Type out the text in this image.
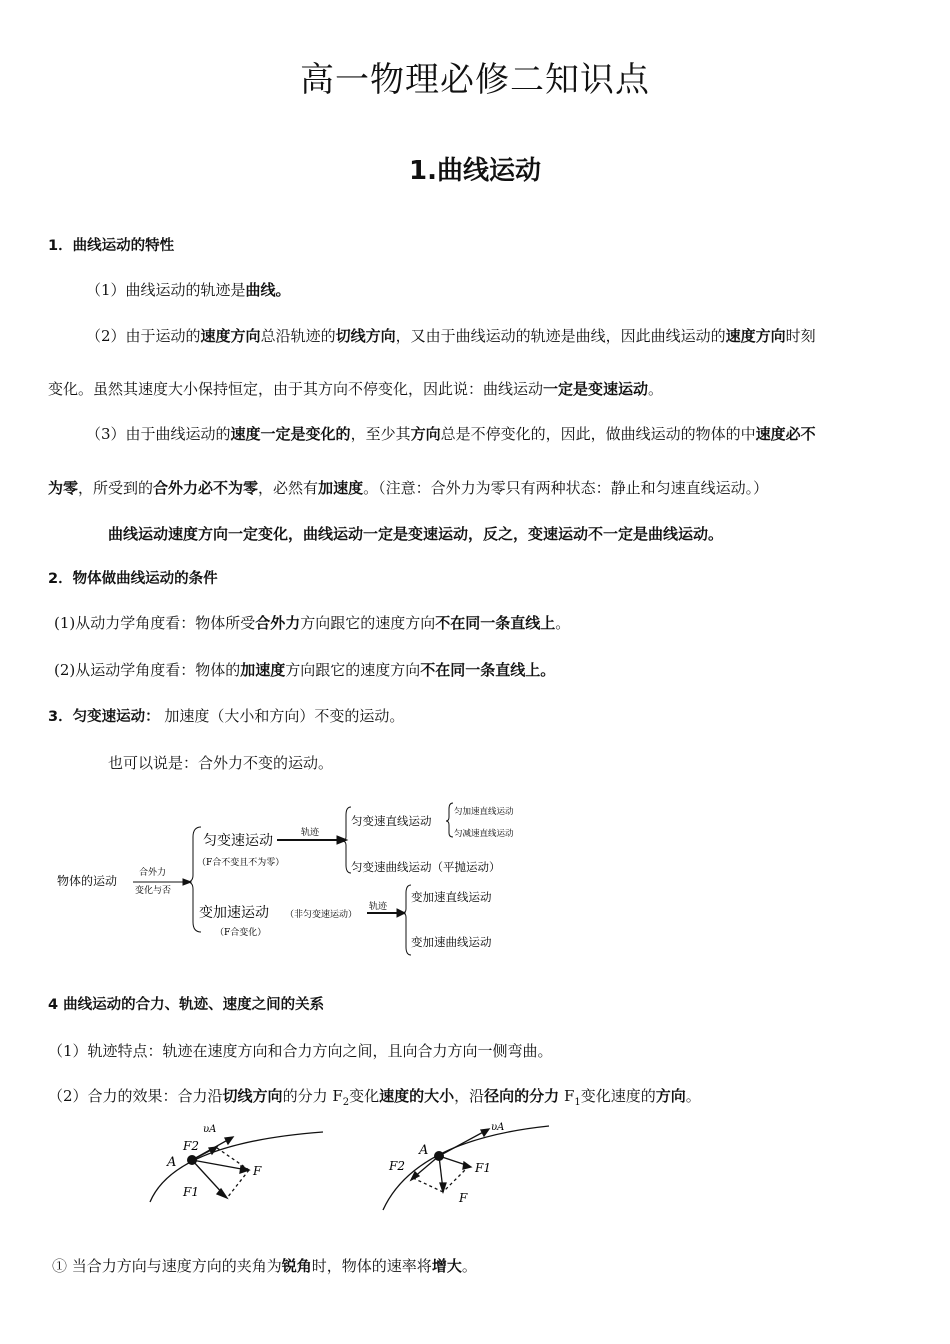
高一物理必修二知识点
1.曲线运动
1．曲线运动的特性
（1）曲线运动的轨迹是曲线。
（2）由于运动的速度方向总沿轨迹的切线方向，又由于曲线运动的轨迹是曲线，因此曲线运动的速度方向时刻
变化。虽然其速度大小保持恒定，由于其方向不停变化，因此说：曲线运动一定是变速运动。
（3）由于曲线运动的速度一定是变化的，至少其方向总是不停变化的，因此，做曲线运动的物体的中速度必不
为零，所受到的合外力必不为零，必然有加速度。（注意：合外力为零只有两种状态：静止和匀速直线运动。）
曲线运动速度方向一定变化，曲线运动一定是变速运动，反之，变速运动不一定是曲线运动。
2．物体做曲线运动的条件
(1)从动力学角度看：物体所受合外力方向跟它的速度方向不在同一条直线上。
(2)从运动学角度看：物体的加速度方向跟它的速度方向不在同一条直线上。
3．匀变速运动： 加速度（大小和方向）不变的运动。
也可以说是：合外力不变的运动。
物体的运动
合外力
变化与否
匀变速运动
（F合不变且不为零）
轨迹
匀变速直线运动
匀加速直线运动
匀减速直线运动
匀变速曲线运动（平抛运动）
变加速运动 （非匀变速运动）
轨迹
（F合变化）
变加速直线运动
变加速曲线运动
4 曲线运动的合力、轨迹、速度之间的关系
（1）轨迹特点：轨迹在速度方向和合力方向之间，且向合力方向一侧弯曲。
（2）合力的效果：合力沿切线方向的分力 $F_2$变化速度的大小，沿径向的分力 $F_1$变化速度的方向。
υA
F2
A
F
F1
υA
A
F2	F1
F
① 当合力方向与速度方向的夹角为锐角时，物体的速率将增大。
